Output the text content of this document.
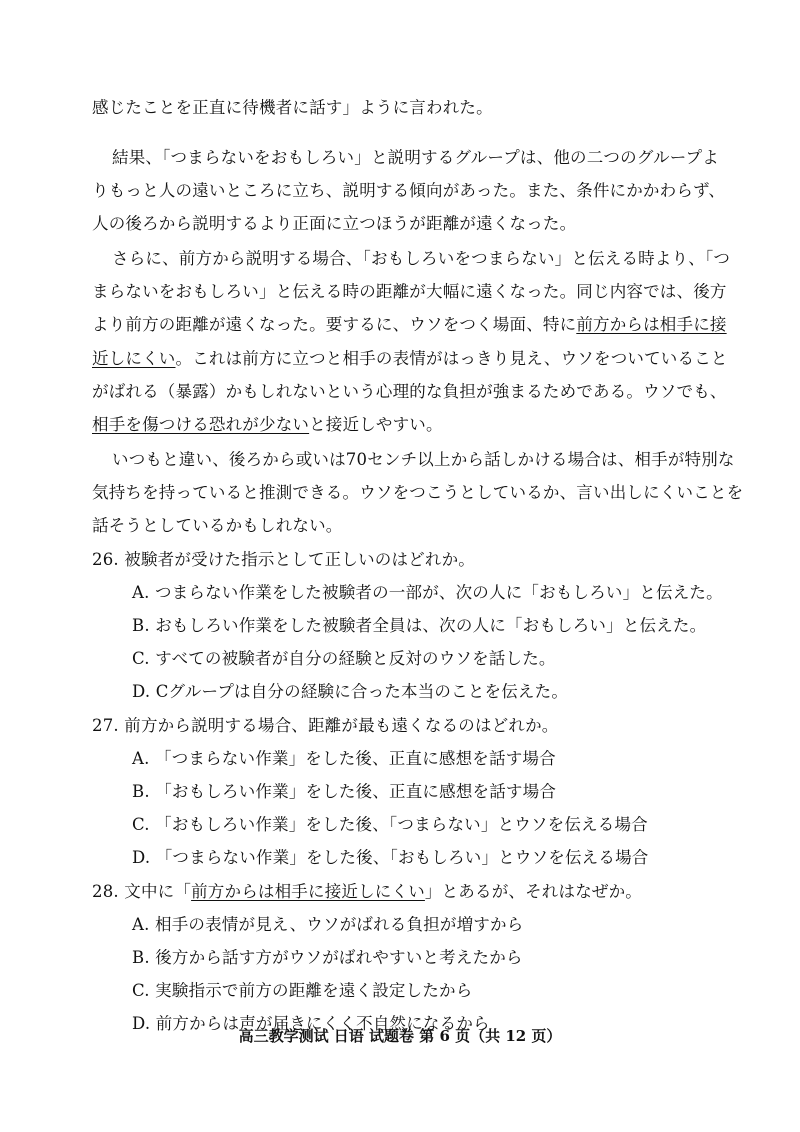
感じたことを正直に待機者に話す」ように言われた。
結果、「つまらないをおもしろい」と説明するグループは、他の二つのグループよ
りもっと人の遠いところに立ち、説明する傾向があった。また、条件にかかわらず、
人の後ろから説明するより正面に立つほうが距離が遠くなった。
さらに、前方から説明する場合、「おもしろいをつまらない」と伝える時より、「つ
まらないをおもしろい」と伝える時の距離が大幅に遠くなった。同じ内容では、後方
より前方の距離が遠くなった。要するに、ウソをつく場面、特に前方からは相手に接
近しにくい。これは前方に立つと相手の表情がはっきり見え、ウソをついていること
がばれる（暴露）かもしれないという心理的な負担が強まるためである。ウソでも、
相手を傷つける恐れが少ないと接近しやすい。
いつもと違い、後ろから或いは70センチ以上から話しかける場合は、相手が特別な
気持ちを持っていると推測できる。ウソをつこうとしているか、言い出しにくいことを
話そうとしているかもしれない。
26. 被験者が受けた指示として正しいのはどれか。
A. つまらない作業をした被験者の一部が、次の人に「おもしろい」と伝えた。
B. おもしろい作業をした被験者全員は、次の人に「おもしろい」と伝えた。
C. すべての被験者が自分の経験と反対のウソを話した。
D. Cグループは自分の経験に合った本当のことを伝えた。
27. 前方から説明する場合、距離が最も遠くなるのはどれか。
A. 「つまらない作業」をした後、正直に感想を話す場合
B. 「おもしろい作業」をした後、正直に感想を話す場合
C. 「おもしろい作業」をした後、「つまらない」とウソを伝える場合
D. 「つまらない作業」をした後、「おもしろい」とウソを伝える場合
28. 文中に「前方からは相手に接近しにくい」とあるが、それはなぜか。
A. 相手の表情が見え、ウソがばれる負担が増すから
B. 後方から話す方がウソがばれやすいと考えたから
C. 実験指示で前方の距離を遠く設定したから
D. 前方からは声が届きにくく不自然になるから
高三教学测试 日语 试题卷 第 6 页（共 12 页）
